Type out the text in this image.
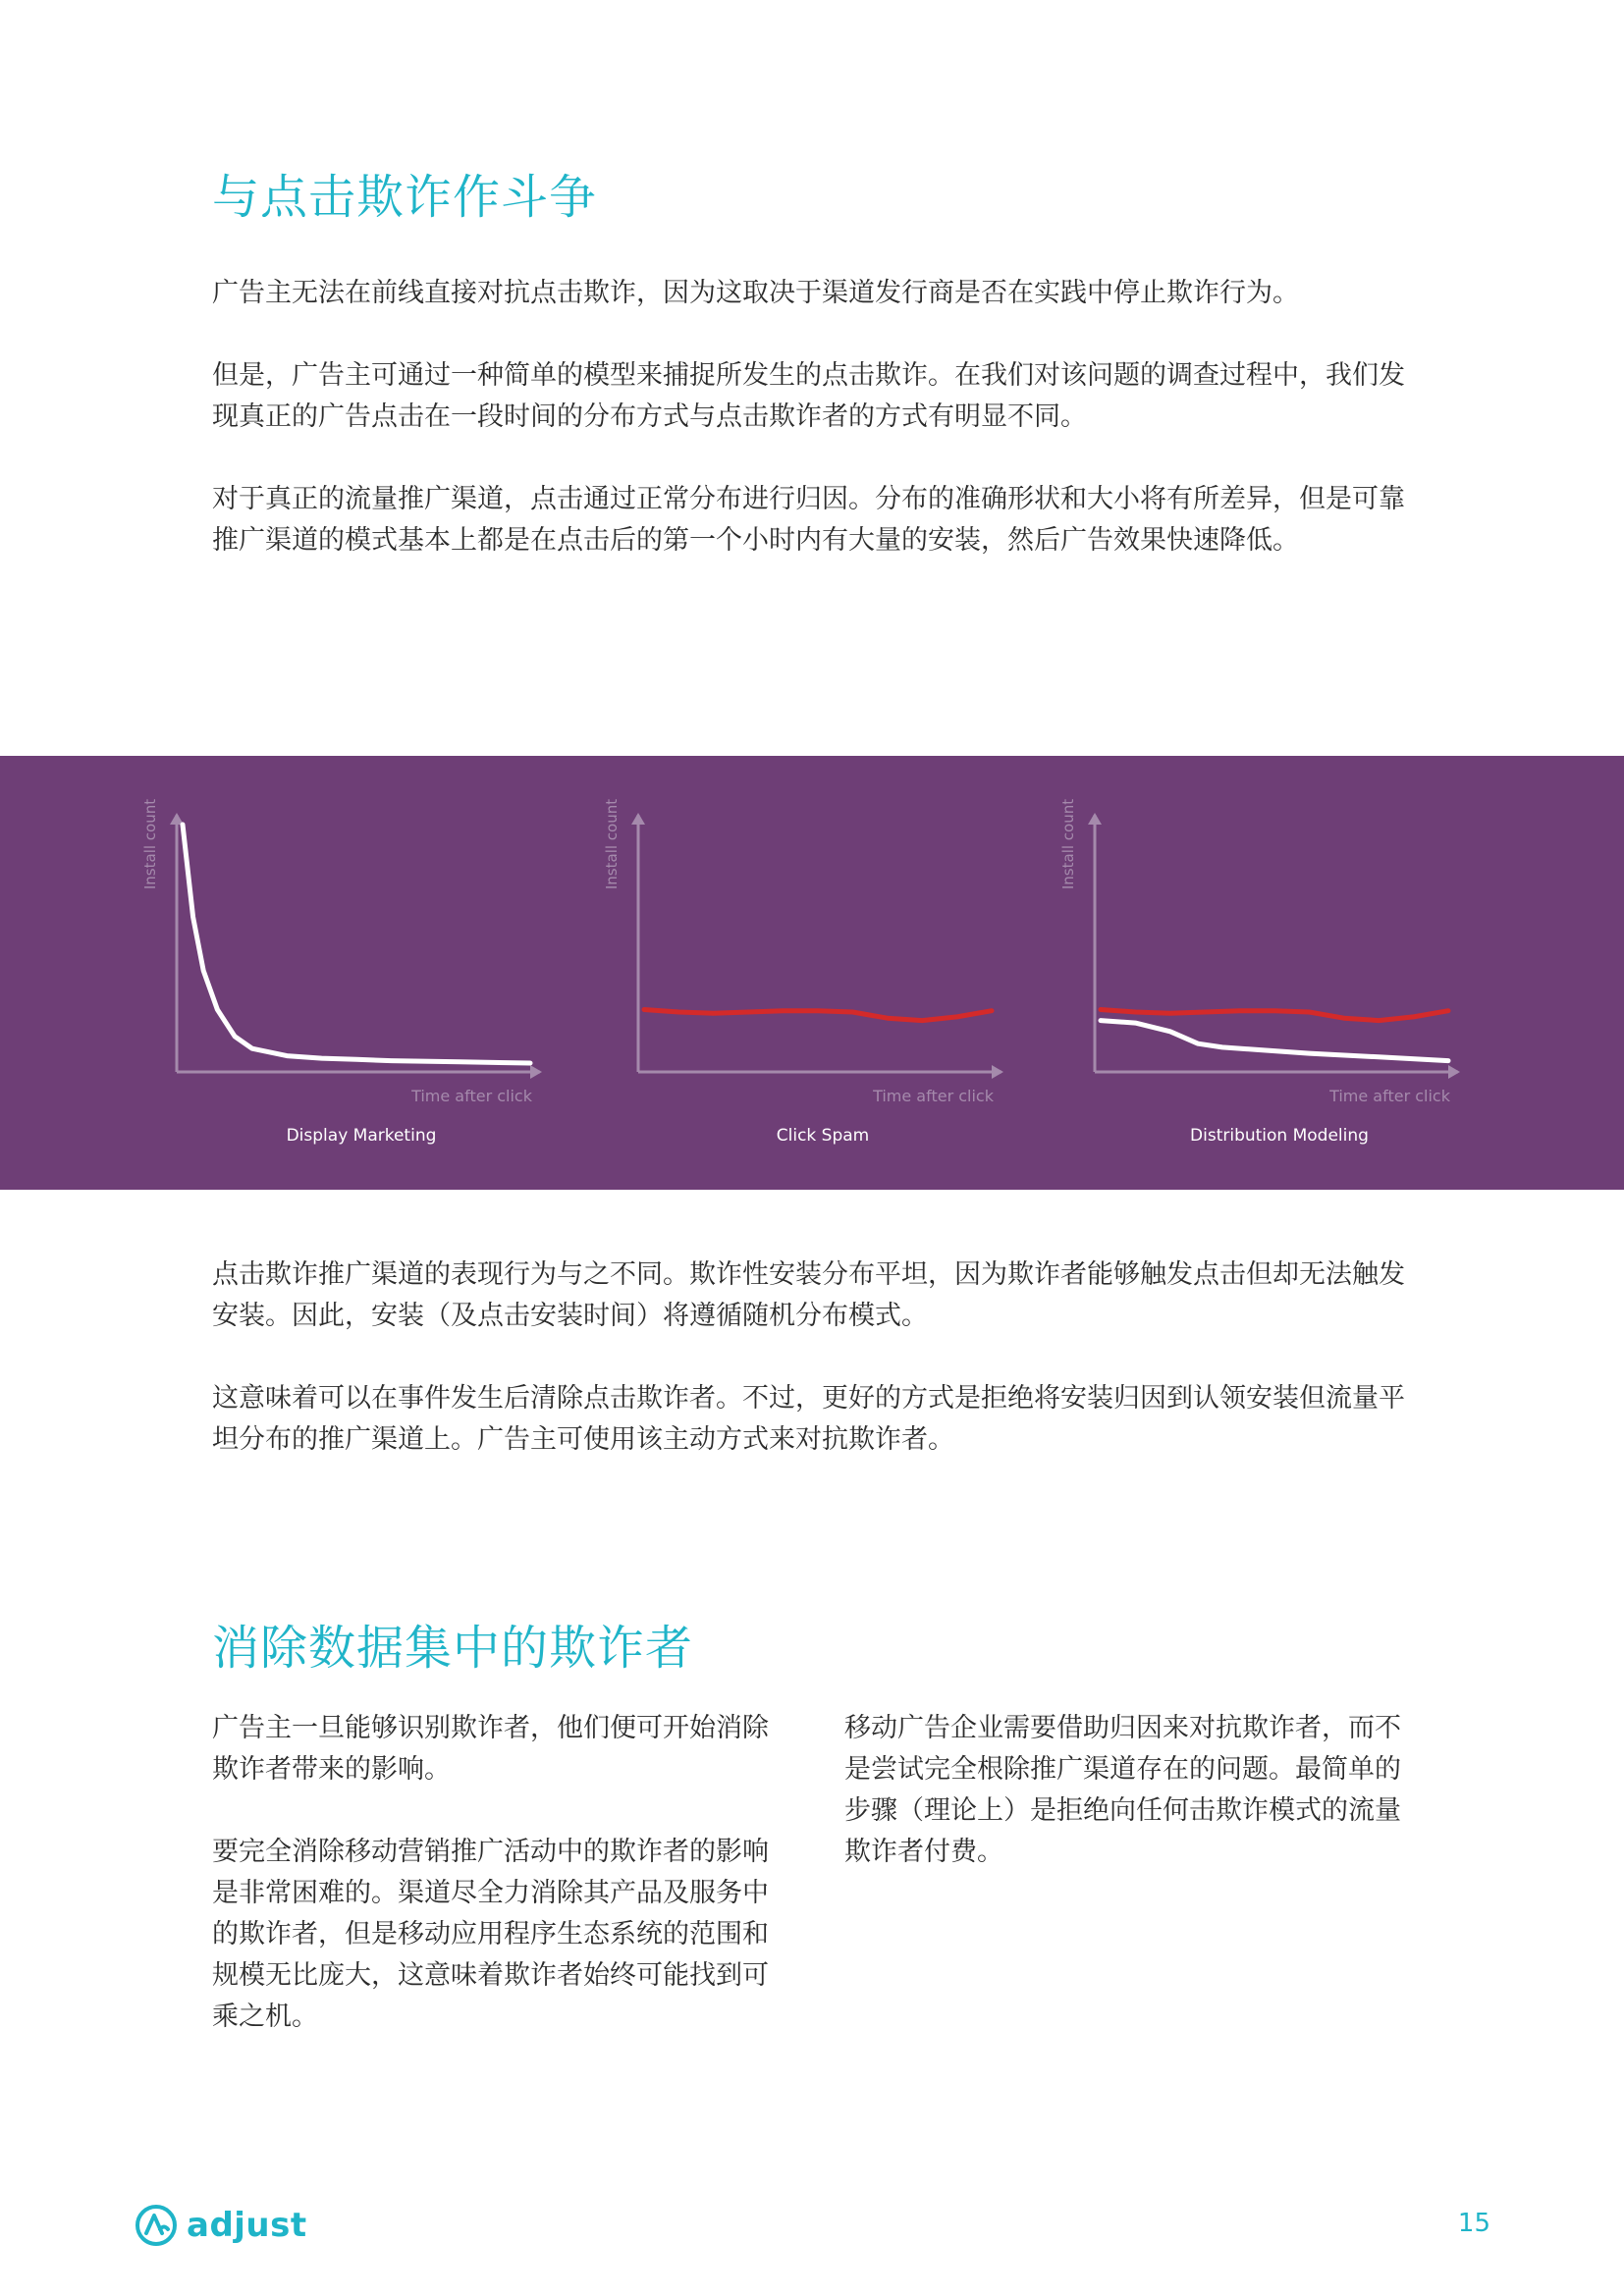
与点击欺诈作斗争

广告主无法在前线直接对抗点击欺诈，因为这取决于渠道发行商是否在实践中停止欺诈行为。

但是，广告主可通过一种简单的模型来捕捉所发生的点击欺诈。在我们对该问题的调查过程中，我们发现真正的广告点击在一段时间的分布方式与点击欺诈者的方式有明显不同。

对于真正的流量推广渠道，点击通过正常分布进行归因。分布的准确形状和大小将有所差异，但是可靠推广渠道的模式基本上都是在点击后的第一个小时内有大量的安装，然后广告效果快速降低。

Install count
Time after click
Display Marketing
Install count
Time after click
Click Spam
Install count
Time after click
Distribution Modeling

点击欺诈推广渠道的表现行为与之不同。欺诈性安装分布平坦，因为欺诈者能够触发点击但却无法触发安装。因此，安装（及点击安装时间）将遵循随机分布模式。

这意味着可以在事件发生后清除点击欺诈者。不过，更好的方式是拒绝将安装归因到认领安装但流量平坦分布的推广渠道上。广告主可使用该主动方式来对抗欺诈者。

消除数据集中的欺诈者

广告主一旦能够识别欺诈者，他们便可开始消除欺诈者带来的影响。

要完全消除移动营销推广活动中的欺诈者的影响是非常困难的。渠道尽全力消除其产品及服务中的欺诈者，但是移动应用程序生态系统的范围和规模无比庞大，这意味着欺诈者始终可能找到可乘之机。

移动广告企业需要借助归因来对抗欺诈者，而不是尝试完全根除推广渠道存在的问题。最简单的步骤（理论上）是拒绝向任何击欺诈模式的流量欺诈者付费。

adjust	15
